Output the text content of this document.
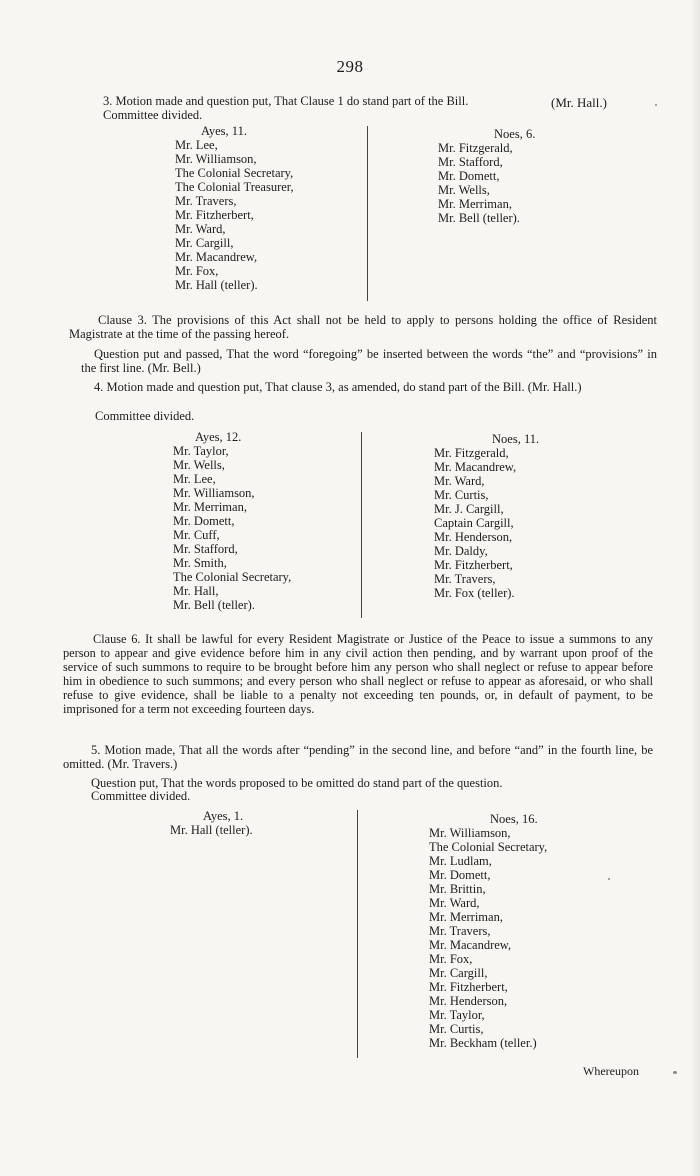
298
3. Motion made and question put, That Clause 1 do stand part of the Bill.	(Mr. Hall.)
Committee divided.
Ayes, 11.
Mr. Lee,
Mr. Williamson,
The Colonial Secretary,
The Colonial Treasurer,
Mr. Travers,
Mr. Fitzherbert,
Mr. Ward,
Mr. Cargill,
Mr. Macandrew,
Mr. Fox,
Mr. Hall (teller).
Noes, 6.
Mr. Fitzgerald,
Mr. Stafford,
Mr. Domett,
Mr. Wells,
Mr. Merriman,
Mr. Bell (teller).
Clause 3. The provisions of this Act shall not be held to apply to persons holding the office of Resident Magistrate at the time of the passing hereof.
Question put and passed, That the word “foregoing” be inserted between the words “the” and “provisions” in the first line. (Mr. Bell.)
4. Motion made and question put, That clause 3, as amended, do stand part of the Bill. (Mr. Hall.)
Committee divided.
Ayes, 12.
Mr. Taylor,
Mr. Wells,
Mr. Lee,
Mr. Williamson,
Mr. Merriman,
Mr. Domett,
Mr. Cuff,
Mr. Stafford,
Mr. Smith,
The Colonial Secretary,
Mr. Hall,
Mr. Bell (teller).
Noes, 11.
Mr. Fitzgerald,
Mr. Macandrew,
Mr. Ward,
Mr. Curtis,
Mr. J. Cargill,
Captain Cargill,
Mr. Henderson,
Mr. Daldy,
Mr. Fitzherbert,
Mr. Travers,
Mr. Fox (teller).
Clause 6. It shall be lawful for every Resident Magistrate or Justice of the Peace to issue a summons to any person to appear and give evidence before him in any civil action then pending, and by warrant upon proof of the service of such summons to require to be brought before him any person who shall neglect or refuse to appear before him in obedience to such summons; and every person who shall neglect or refuse to appear as aforesaid, or who shall refuse to give evidence, shall be liable to a penalty not exceeding ten pounds, or, in default of payment, to be imprisoned for a term not exceeding fourteen days.
5. Motion made, That all the words after “pending” in the second line, and before “and” in the fourth line, be omitted. (Mr. Travers.)
Question put, That the words proposed to be omitted do stand part of the question.
Committee divided.
Ayes, 1.
Mr. Hall (teller).
Noes, 16.
Mr. Williamson,
The Colonial Secretary,
Mr. Ludlam,
Mr. Domett,
Mr. Brittin,
Mr. Ward,
Mr. Merriman,
Mr. Travers,
Mr. Macandrew,
Mr. Fox,
Mr. Cargill,
Mr. Fitzherbert,
Mr. Henderson,
Mr. Taylor,
Mr. Curtis,
Mr. Beckham (teller.)
Whereupon
